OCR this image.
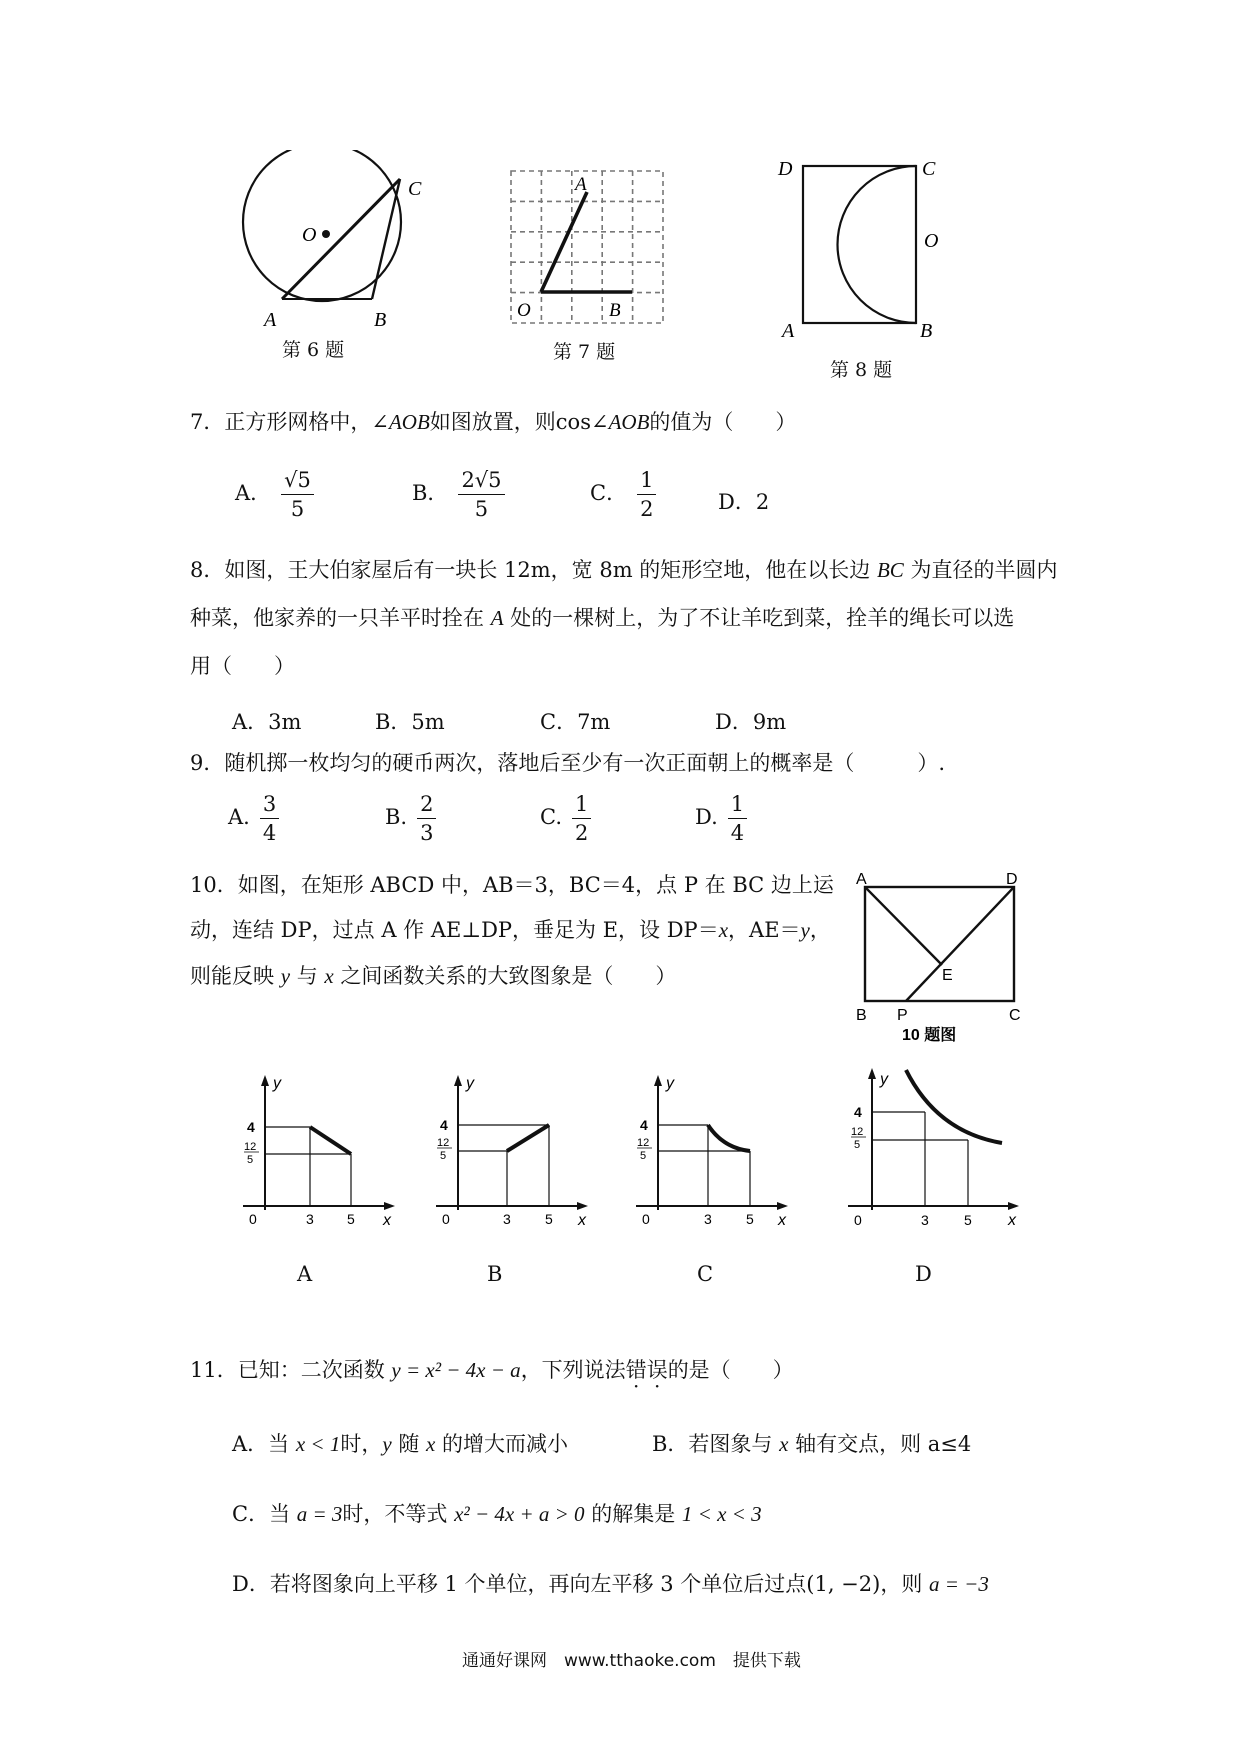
C
O
A	B
第 6 题
A
O	B
第 7 题
D	C
O
A	B
第 8 题
7．正方形网格中，∠AOB如图放置，则cos∠AOB的值为（　　）
A． $\frac{√5}{5}$	B． $\frac{2√5}{5}$	C． $\frac{1}{2}$	D．2
8．如图，王大伯家屋后有一块长 12m，宽 8m 的矩形空地，他在以长边 BC 为直径的半圆内
种菜，他家养的一只羊平时拴在 A 处的一棵树上，为了不让羊吃到菜，拴羊的绳长可以选
用（　　）
A．3m	B．5m	C．7m	D．9m
9．随机掷一枚均匀的硬币两次，落地后至少有一次正面朝上的概率是（　　　）.
A. $\frac{3}{4}$	B. $\frac{2}{3}$	C. $\frac{1}{2}$	D. $\frac{1}{4}$
10．如图，在矩形 ABCD 中，AB＝3，BC＝4，点 P 在 BC 边上运
动，连结 DP，过点 A 作 AE⊥DP，垂足为 E，设 DP＝x，AE＝y，
则能反映 y 与 x 之间函数关系的大致图象是（　　）
A	D
E
B P	C
10 题图
y
4
12
5
0	3 5 x
A
y
4
12
5
0	3 5 x
B
y
4
12
5
0	3 5 x
C
y
4
12
5
0	3	5 x
D
11．已知：二次函数 y = x² − 4x − a，下列说法错误的是（　　）
A．当 x < 1时，y 随 x 的增大而减小	B．若图象与 x 轴有交点，则 a≤4
C．当 a = 3时，不等式 x² − 4x + a > 0 的解集是 1 < x < 3
D．若将图象向上平移 1 个单位，再向左平移 3 个单位后过点(1, −2)，则 a = −3
通通好课网　www.tthaoke.com　提供下载
